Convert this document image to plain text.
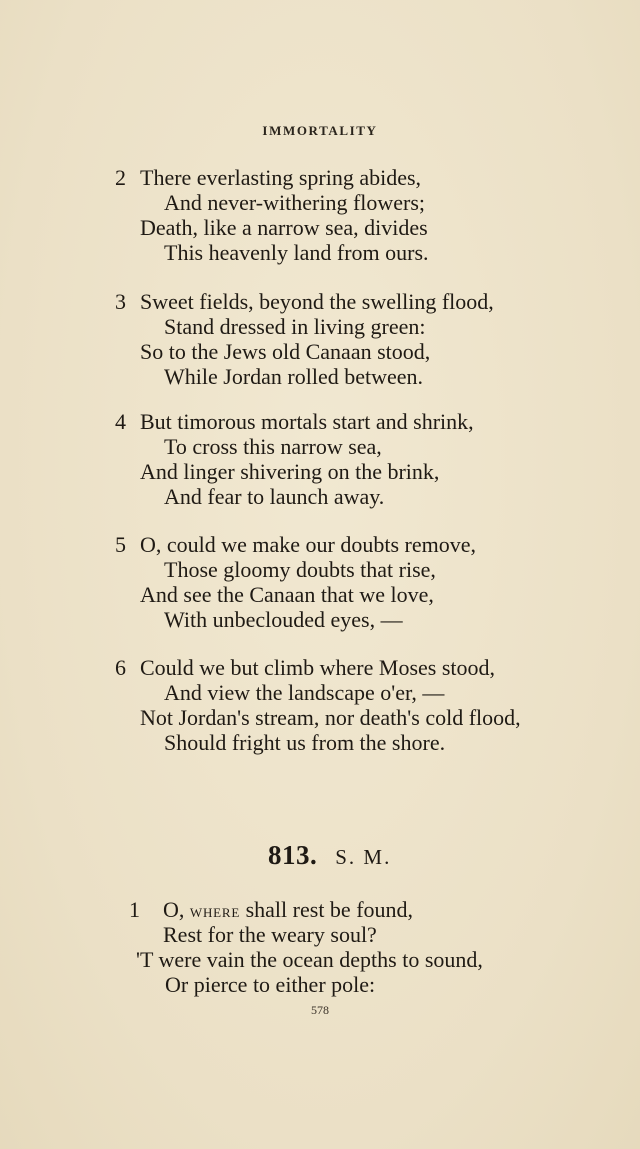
IMMORTALITY
2 There everlasting spring abides,
And never-withering flowers;
Death, like a narrow sea, divides
This heavenly land from ours.
3 Sweet fields, beyond the swelling flood,
Stand dressed in living green:
So to the Jews old Canaan stood,
While Jordan rolled between.
4 But timorous mortals start and shrink,
To cross this narrow sea,
And linger shivering on the brink,
And fear to launch away.
5 O, could we make our doubts remove,
Those gloomy doubts that rise,
And see the Canaan that we love,
With unbeclouded eyes, —
6 Could we but climb where Moses stood,
And view the landscape o'er, —
Not Jordan's stream, nor death's cold flood,
Should fright us from the shore.
813. S. M.
1 O, where shall rest be found,
Rest for the weary soul?
'T were vain the ocean depths to sound,
Or pierce to either pole:
578
